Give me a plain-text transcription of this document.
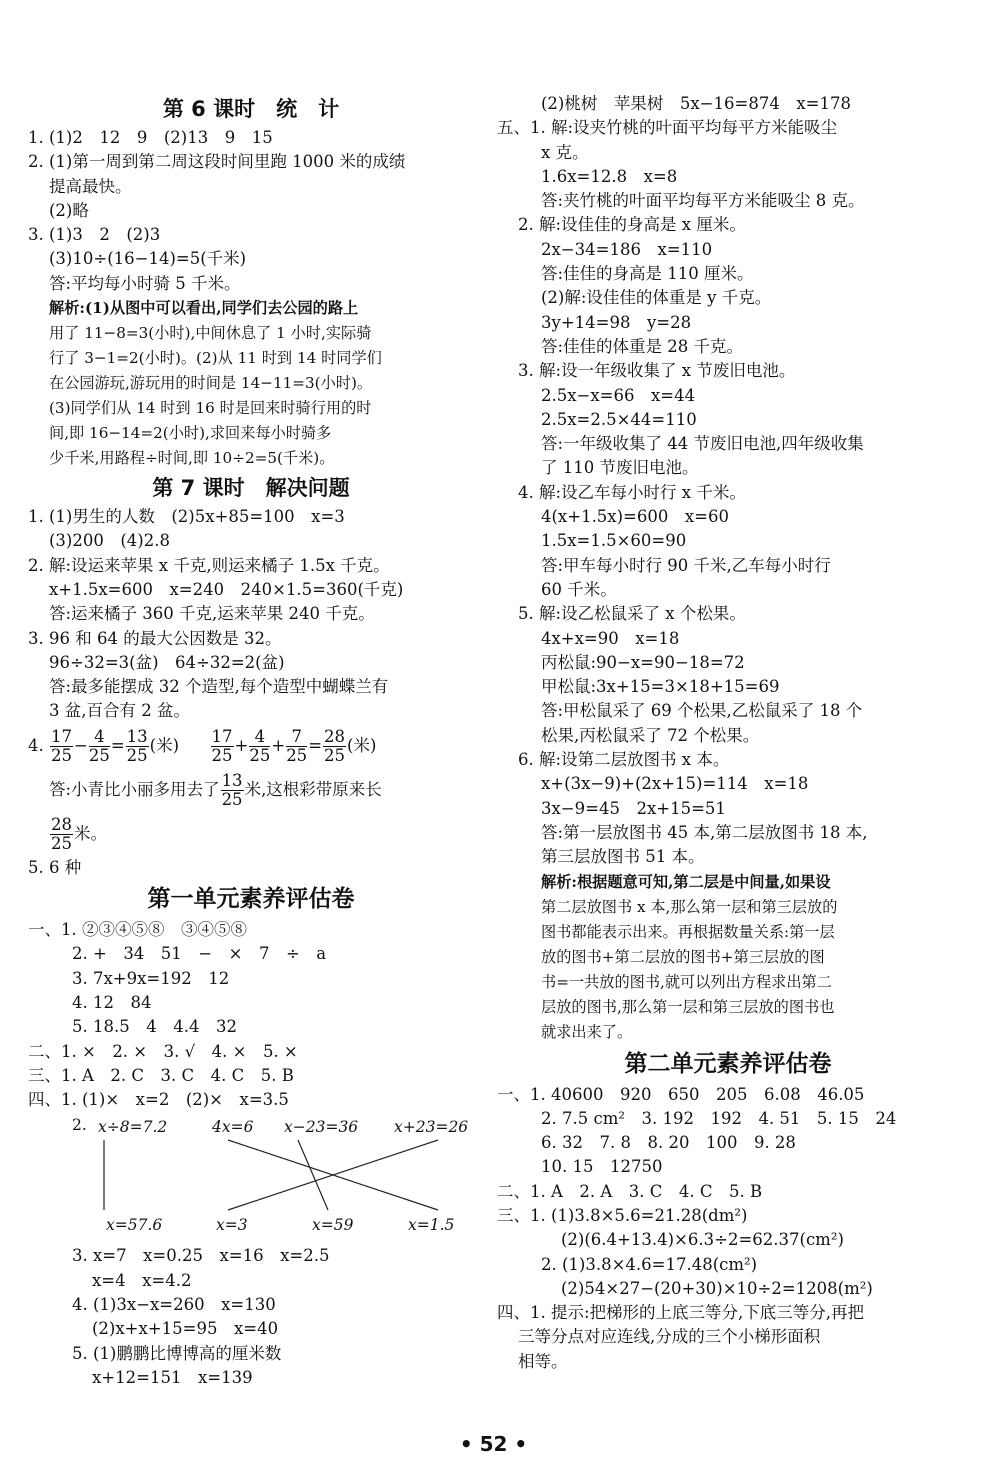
第 6 课时　统　计
1. (1)2　12　9　(2)13　9　15
2. (1)第一周到第二周这段时间里跑 1000 米的成绩
提高最快。
(2)略
3. (1)3　2　(2)3
(3)10÷(16−14)=5(千米)
答:平均每小时骑 5 千米。
解析:(1)从图中可以看出,同学们去公园的路上
用了 11−8=3(小时),中间休息了 1 小时,实际骑
行了 3−1=2(小时)。(2)从 11 时到 14 时同学们
在公园游玩,游玩用的时间是 14−11=3(小时)。
(3)同学们从 14 时到 16 时是回来时骑行用的时
间,即 16−14=2(小时),求回来每小时骑多
少千米,用路程÷时间,即 10÷2=5(千米)。
第 7 课时　解决问题
1. (1)男生的人数　(2)5x+85=100　x=3
(3)200　(4)2.8
2. 解:设运来苹果 x 千克,则运来橘子 1.5x 千克。
x+1.5x=600　x=240　240×1.5=360(千克)
答:运来橘子 360 千克,运来苹果 240 千克。
3. 96 和 64 的最大公因数是 32。
96÷32=3(盆)　64÷32=2(盆)
答:最多能摆成 32 个造型,每个造型中蝴蝶兰有
3 盆,百合有 2 盆。
4. $\frac{17}{25} - \frac{4}{25} = \frac{13}{25}$ (米) $\frac{17}{25} + \frac{4}{25} + \frac{7}{25} = \frac{28}{25}$ (米)
答:小青比小丽多用去了 $\frac{13}{25}$ 米,这根彩带原来长
$\frac{28}{25}$ 米。
5. 6 种
第一单元素养评估卷
一、1. ②③④⑤⑧　③④⑤⑧
2. +　34　51　−　×　7　÷　a
3. 7x+9x=192　12
4. 12　84
5. 18.5　4　4.4　32
二、1. ×　2. ×　3. √　4. ×　5. ×
三、1. A　2. C　3. C　4. C　5. B
四、1. (1)×　x=2　(2)×　x=3.5
2. x÷8=7.2	4x=6 x−23=36 x+23=26
x=57.6	x=3	x=59	x=1.5
3. x=7　x=0.25　x=16　x=2.5
x=4　x=4.2
4. (1)3x−x=260　x=130
(2)x+x+15=95　x=40
5. (1)鹏鹏比博博高的厘米数
x+12=151　x=139
(2)桃树　苹果树　5x−16=874　x=178
五、1. 解:设夹竹桃的叶面平均每平方米能吸尘
x 克。
1.6x=12.8　x=8
答:夹竹桃的叶面平均每平方米能吸尘 8 克。
2. 解:设佳佳的身高是 x 厘米。
2x−34=186　x=110
答:佳佳的身高是 110 厘米。
(2)解:设佳佳的体重是 y 千克。
3y+14=98　y=28
答:佳佳的体重是 28 千克。
3. 解:设一年级收集了 x 节废旧电池。
2.5x−x=66　x=44
2.5x=2.5×44=110
答:一年级收集了 44 节废旧电池,四年级收集
了 110 节废旧电池。
4. 解:设乙车每小时行 x 千米。
4(x+1.5x)=600　x=60
1.5x=1.5×60=90
答:甲车每小时行 90 千米,乙车每小时行
60 千米。
5. 解:设乙松鼠采了 x 个松果。
4x+x=90　x=18
丙松鼠:90−x=90−18=72
甲松鼠:3x+15=3×18+15=69
答:甲松鼠采了 69 个松果,乙松鼠采了 18 个
松果,丙松鼠采了 72 个松果。
6. 解:设第二层放图书 x 本。
x+(3x−9)+(2x+15)=114　x=18
3x−9=45　2x+15=51
答:第一层放图书 45 本,第二层放图书 18 本,
第三层放图书 51 本。
解析:根据题意可知,第二层是中间量,如果设
第二层放图书 x 本,那么第一层和第三层放的
图书都能表示出来。再根据数量关系:第一层
放的图书+第二层放的图书+第三层放的图
书=一共放的图书,就可以列出方程求出第二
层放的图书,那么第一层和第三层放的图书也
就求出来了。
第二单元素养评估卷
一、1. 40600　920　650　205　6.08　46.05
2. 7.5 cm²　3. 192　192　4. 51　5. 15　24
6. 32　7. 8　8. 20　100　9. 28
10. 15　12750
二、1. A　2. A　3. C　4. C　5. B
三、1. (1)3.8×5.6=21.28(dm²)
(2)(6.4+13.4)×6.3÷2=62.37(cm²)
2. (1)3.8×4.6=17.48(cm²)
(2)54×27−(20+30)×10÷2=1208(m²)
四、1. 提示:把梯形的上底三等分,下底三等分,再把
三等分点对应连线,分成的三个小梯形面积
相等。
• 52 •
